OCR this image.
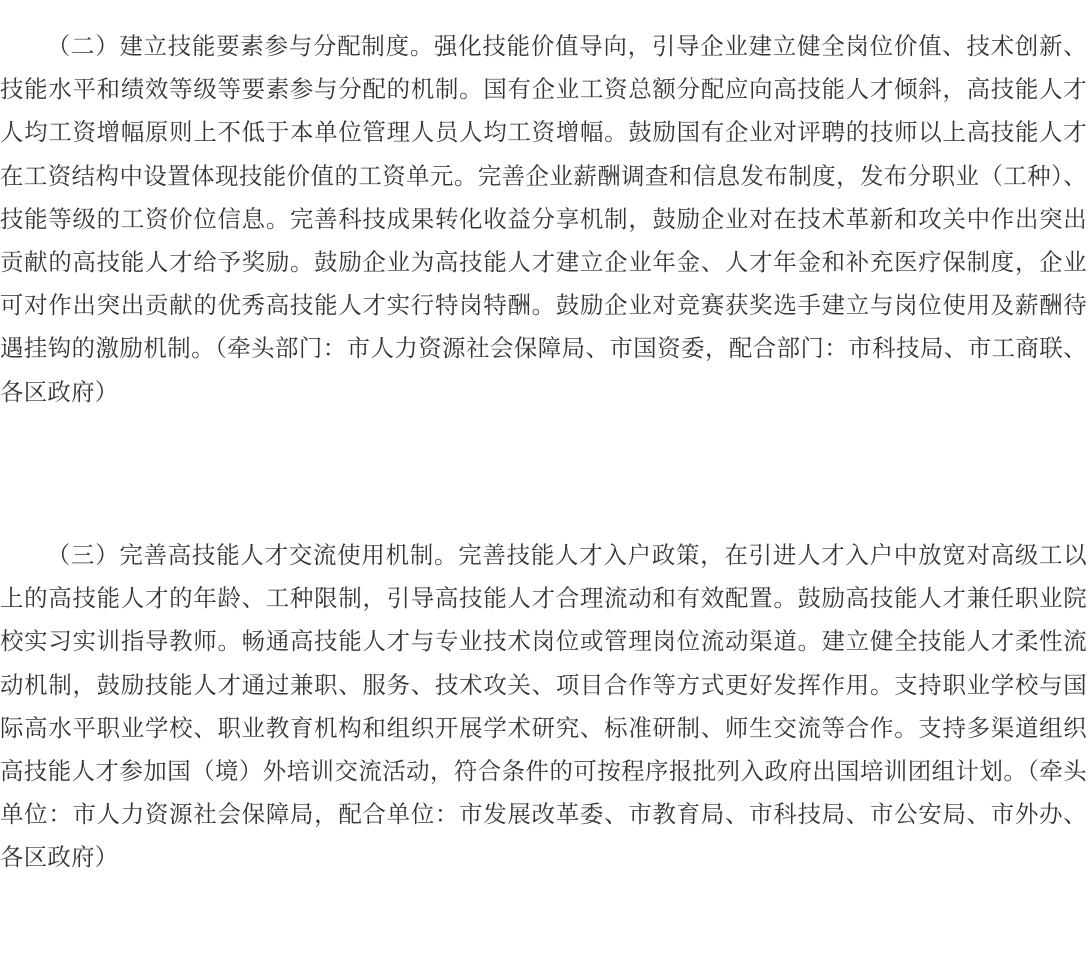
（二）建立技能要素参与分配制度。强化技能价值导向，引导企业建立健全岗位价值、技术创新、技能水平和绩效等级等要素参与分配的机制。国有企业工资总额分配应向高技能人才倾斜，高技能人才人均工资增幅原则上不低于本单位管理人员人均工资增幅。鼓励国有企业对评聘的技师以上高技能人才在工资结构中设置体现技能价值的工资单元。完善企业薪酬调查和信息发布制度，发布分职业（工种）、技能等级的工资价位信息。完善科技成果转化收益分享机制，鼓励企业对在技术革新和攻关中作出突出贡献的高技能人才给予奖励。鼓励企业为高技能人才建立企业年金、人才年金和补充医疗保制度，企业可对作出突出贡献的优秀高技能人才实行特岗特酬。鼓励企业对竞赛获奖选手建立与岗位使用及薪酬待遇挂钩的激励机制。（牵头部门：市人力资源社会保障局、市国资委，配合部门：市科技局、市工商联、各区政府）

（三）完善高技能人才交流使用机制。完善技能人才入户政策，在引进人才入户中放宽对高级工以上的高技能人才的年龄、工种限制，引导高技能人才合理流动和有效配置。鼓励高技能人才兼任职业院校实习实训指导教师。畅通高技能人才与专业技术岗位或管理岗位流动渠道。建立健全技能人才柔性流动机制，鼓励技能人才通过兼职、服务、技术攻关、项目合作等方式更好发挥作用。支持职业学校与国际高水平职业学校、职业教育机构和组织开展学术研究、标准研制、师生交流等合作。支持多渠道组织高技能人才参加国（境）外培训交流活动，符合条件的可按程序报批列入政府出国培训团组计划。（牵头单位：市人力资源社会保障局，配合单位：市发展改革委、市教育局、市科技局、市公安局、市外办、各区政府）
